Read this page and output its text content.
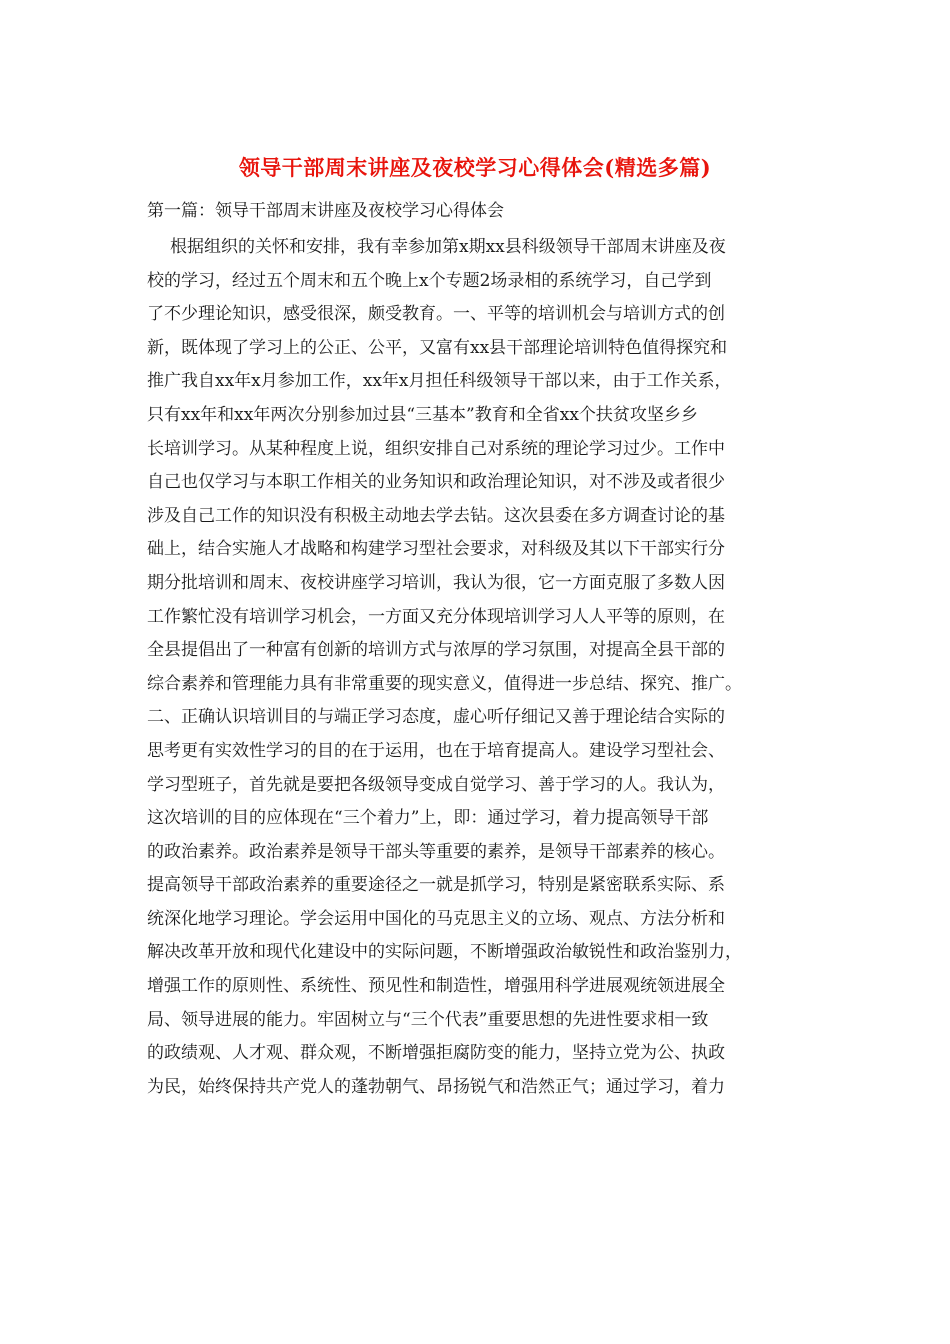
领导干部周末讲座及夜校学习心得体会(精选多篇)

第一篇：领导干部周末讲座及夜校学习心得体会

根据组织的关怀和安排，我有幸参加第x期xx县科级领导干部周末讲座及夜
校的学习，经过五个周末和五个晚上x个专题2场录相的系统学习，自己学到
了不少理论知识，感受很深，颇受教育。一、平等的培训机会与培训方式的创
新，既体现了学习上的公正、公平，又富有xx县干部理论培训特色值得探究和
推广我自xx年x月参加工作，xx年x月担任科级领导干部以来，由于工作关系，
只有xx年和xx年两次分别参加过县“三基本”教育和全省xx个扶贫攻坚乡乡
长培训学习。从某种程度上说，组织安排自己对系统的理论学习过少。工作中
自己也仅学习与本职工作相关的业务知识和政治理论知识，对不涉及或者很少
涉及自己工作的知识没有积极主动地去学去钻。这次县委在多方调查讨论的基
础上，结合实施人才战略和构建学习型社会要求，对科级及其以下干部实行分
期分批培训和周末、夜校讲座学习培训，我认为很，它一方面克服了多数人因
工作繁忙没有培训学习机会，一方面又充分体现培训学习人人平等的原则，在
全县提倡出了一种富有创新的培训方式与浓厚的学习氛围，对提高全县干部的
综合素养和管理能力具有非常重要的现实意义，值得进一步总结、探究、推广。
二、正确认识培训目的与端正学习态度，虚心听仔细记又善于理论结合实际的
思考更有实效性学习的目的在于运用，也在于培育提高人。建设学习型社会、
学习型班子，首先就是要把各级领导变成自觉学习、善于学习的人。我认为，
这次培训的目的应体现在“三个着力”上，即：通过学习，着力提高领导干部
的政治素养。政治素养是领导干部头等重要的素养，是领导干部素养的核心。
提高领导干部政治素养的重要途径之一就是抓学习，特别是紧密联系实际、系
统深化地学习理论。学会运用中国化的马克思主义的立场、观点、方法分析和
解决改革开放和现代化建设中的实际问题，不断增强政治敏锐性和政治鉴别力，
增强工作的原则性、系统性、预见性和制造性，增强用科学进展观统领进展全
局、领导进展的能力。牢固树立与“三个代表”重要思想的先进性要求相一致
的政绩观、人才观、群众观，不断增强拒腐防变的能力，坚持立党为公、执政
为民，始终保持共产党人的蓬勃朝气、昂扬锐气和浩然正气；通过学习，着力
